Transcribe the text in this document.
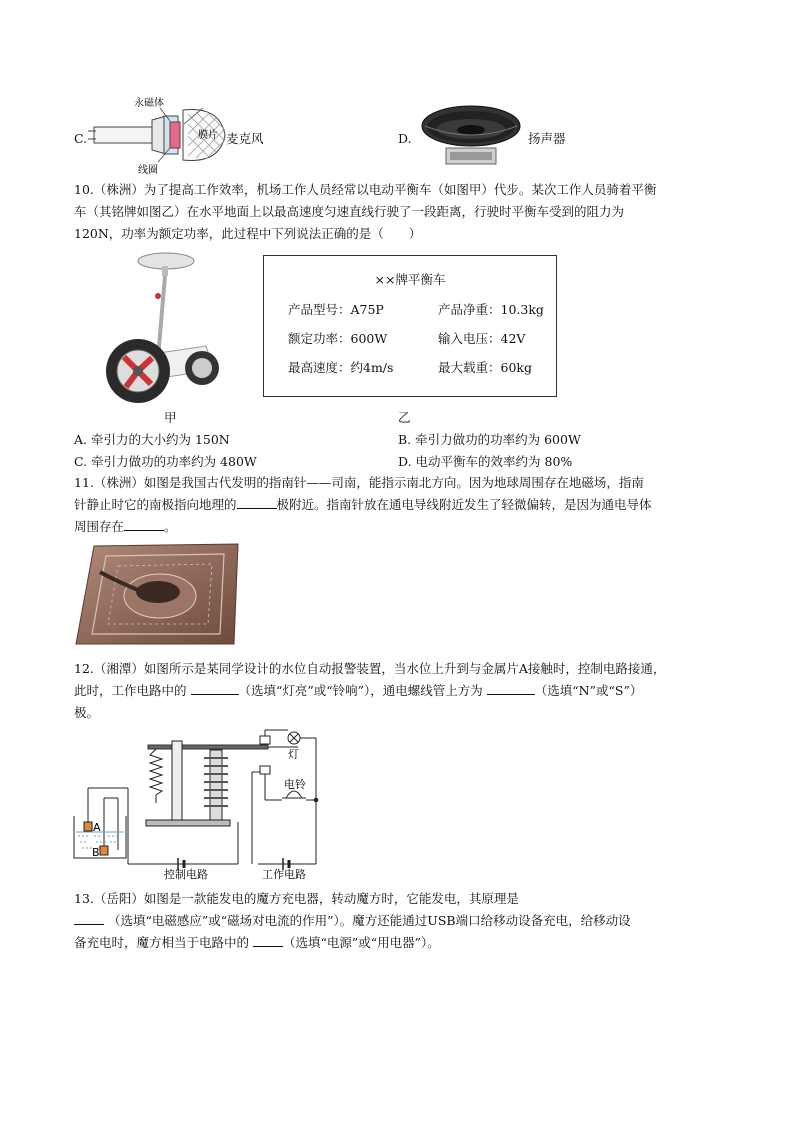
C.
永磁体
膜片
线圈
麦克风	D.	扬声器
10.（株洲）为了提高工作效率，机场工作人员经常以电动平衡车（如图甲）代步。某次工作人员骑着平衡
车（其铭牌如图乙）在水平地面上以最高速度匀速直线行驶了一段距离，行驶时平衡车受到的阻力为
120N，功率为额定功率，此过程中下列说法正确的是（　　）
甲
××牌平衡车
产品型号：A75P	产品净重：10.3kg
额定功率：600W	输入电压：42V
最高速度：约4m/s	最大载重：60kg
乙
A. 牵引力的大小约为 150N	B. 牵引力做功的功率约为 600W
C. 牵引力做功的功率约为 480W	D. 电动平衡车的效率约为 80%
11.（株洲）如图是我国古代发明的指南针——司南，能指示南北方向。因为地球周围存在地磁场，指南
针静止时它的南极指向地理的	极附近。指南针放在通电导线附近发生了轻微偏转，是因为通电导体
周围存在	。
12.（湘潭）如图所示是某同学设计的水位自动报警装置，当水位上升到与金属片A接触时，控制电路接通，
此时，工作电路中的	（选填“灯亮”或“铃响”），通电螺线管上方为	（选填“N”或“S”）
极。
A
B
灯
电铃
控制电路	工作电路
13.（岳阳）如图是一款能发电的魔方充电器，转动魔方时，它能发电，其原理是
（选填“电磁感应”或“磁场对电流的作用”）。魔方还能通过USB端口给移动设备充电，给移动设
备充电时，魔方相当于电路中的	（选填“电源”或“用电器”）。
